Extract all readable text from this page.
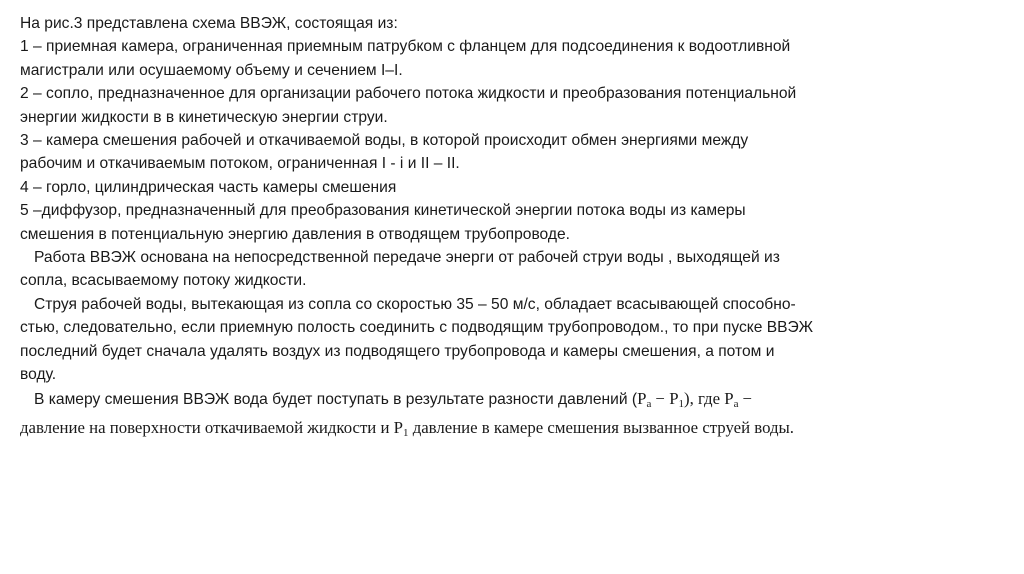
На рис.3 представлена схема ВВЭЖ, состоящая из:
1 – приемная камера, ограниченная приемным патрубком с фланцем для подсоединения к водоотливной
магистрали или осушаемому объему и сечением I–I.
2 – сопло, предназначенное для организации рабочего потока жидкости и преобразования потенциальной
энергии жидкости в в кинетическую энергии струи.
3 – камера смешения рабочей и откачиваемой воды, в которой происходит обмен энергиями между
рабочим и откачиваемым потоком, ограниченная I - i и II – II.
4 – горло, цилиндрическая часть камеры смешения
5 –диффузор, предназначенный для преобразования кинетической энергии потока воды из камеры
смешения в потенциальную энергию давления в отводящем трубопроводе.
Работа ВВЭЖ основана на непосредственной передаче энерги от рабочей струи воды , выходящей из
сопла, всасываемому потоку жидкости.
Струя рабочей воды, вытекающая из сопла со скоростью 35 – 50 м/с, обладает всасывающей способно-
стью, следовательно, если приемную полость соединить с подводящим трубопроводом., то при пуске ВВЭЖ
последний будет сначала удалять воздух из подводящего трубопровода и камеры смешения, а потом и
воду.
В камеру смешения ВВЭЖ вода будет поступать в результате разности давлений $(P_a - P_1)$, где $P_a$ −
давление на поверхности откачиваемой жидкости и $P_1$ давление в камере смешения вызванное струей воды.
